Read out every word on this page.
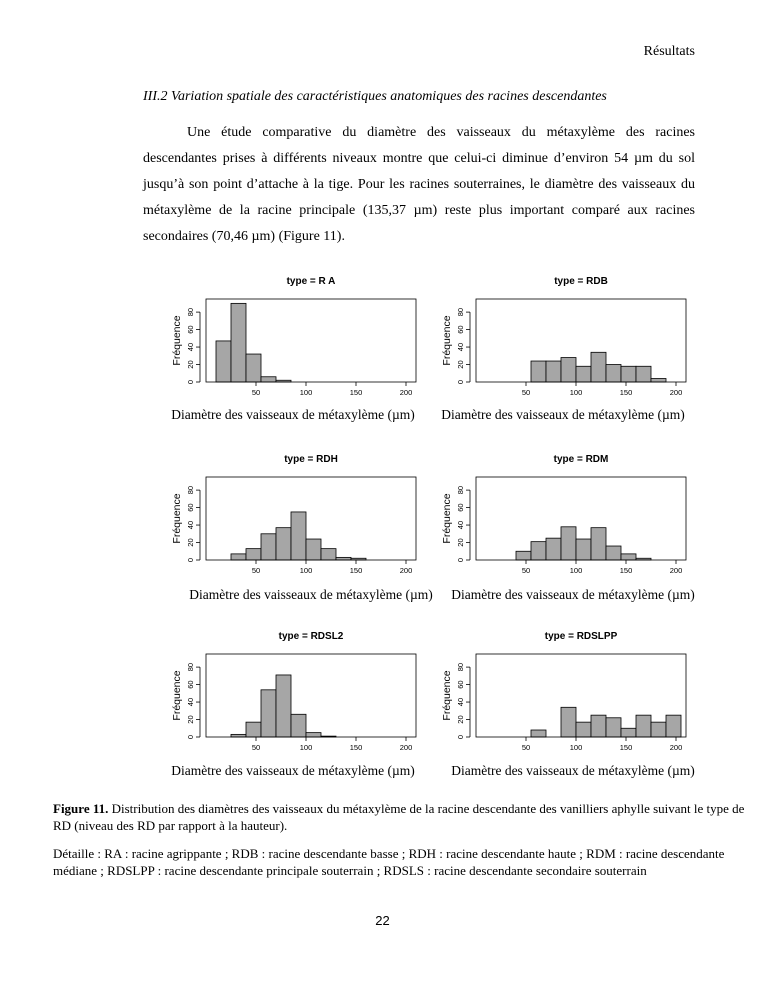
Résultats
III.2 Variation spatiale des caractéristiques anatomiques des racines descendantes

Une étude comparative du diamètre des vaisseaux du métaxylème des racines descendantes prises à différents niveaux montre que celui-ci diminue d’environ 54 µm du sol jusqu’à son point d’attache à la tige. Pour les racines souterraines, le diamètre des vaisseaux du métaxylème de la racine principale (135,37 µm) reste plus important comparé aux racines secondaires (70,46 µm) (Figure 11).

type = R A
50	100	150	200
0
20
40
60
80
Fréquence
Diamètre des vaisseaux de métaxylème (µm)
type = RDB
50	100	150	200
0
20
40
60
80
Fréquence
Diamètre des vaisseaux de métaxylème (µm)
type = RDH
50	100	150	200
0
20
40
60
80
Fréquence
Diamètre des vaisseaux de métaxylème (µm)
type = RDM
50	100	150	200
0
20
40
60
80
Fréquence
Diamètre des vaisseaux de métaxylème (µm)
type = RDSL2
50	100	150	200
0
20
40
60
80
Fréquence
Diamètre des vaisseaux de métaxylème (µm)
type = RDSLPP
50	100	150	200
0
20
40
60
80
Fréquence
Diamètre des vaisseaux de métaxylème (µm)

Figure 11. Distribution des diamètres des vaisseaux du métaxylème de la racine descendante des vanilliers aphylle suivant le type de RD (niveau des RD par rapport à la hauteur).

Détaille : RA : racine agrippante ; RDB : racine descendante basse ; RDH : racine descendante haute ; RDM : racine descendante médiane ; RDSLPP : racine descendante principale souterrain ; RDSLS : racine descendante secondaire souterrain

22
